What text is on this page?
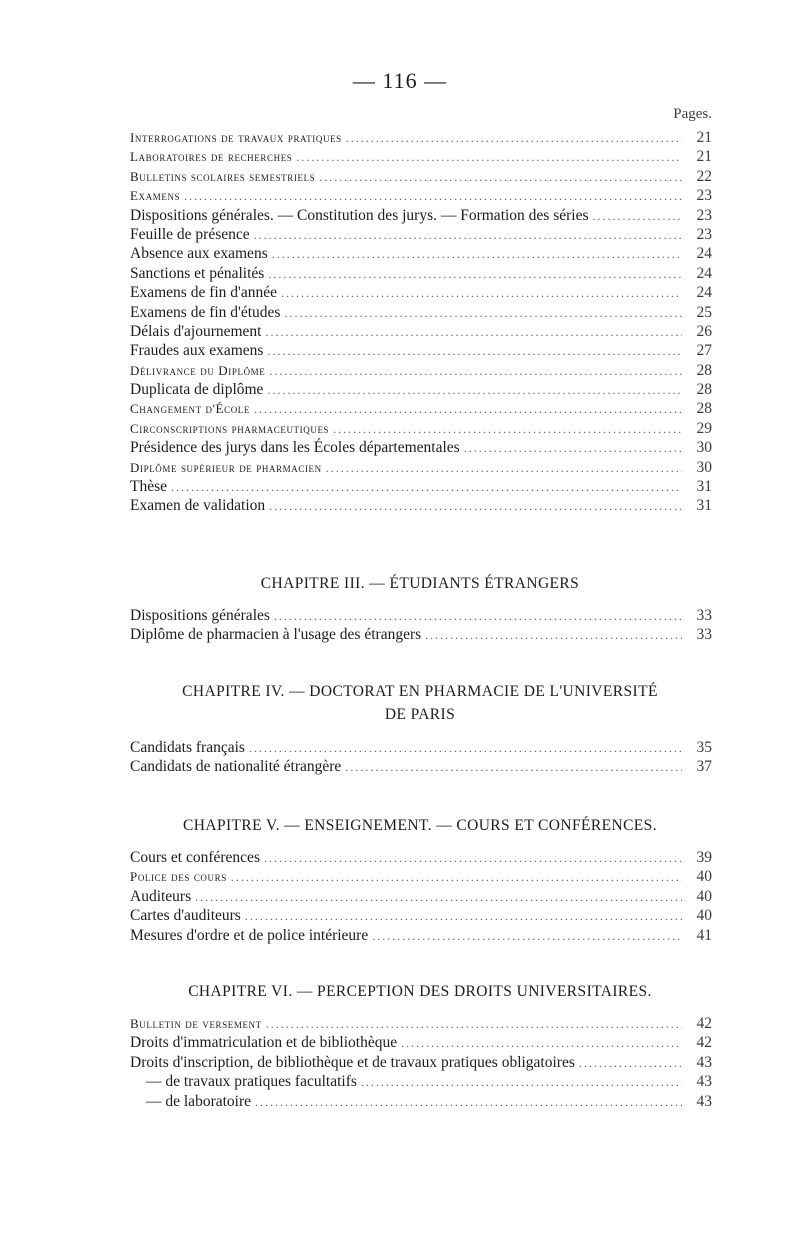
— 116 —
Pages.
Interrogations de travaux pratiques .....	21
Laboratoires de recherches .....	21
Bulletins scolaires semestriels .....	22
Examens .....	23
Dispositions générales. — Constitution des jurys. — Formation des séries .....	23
Feuille de présence .....	23
Absence aux examens .....	24
Sanctions et pénalités .....	24
Examens de fin d'année .....	24
Examens de fin d'études .....	25
Délais d'ajournement .....	26
Fraudes aux examens .....	27
Délivrance du Diplôme .....	28
Duplicata de diplôme .....	28
Changement d'École .....	28
Circonscriptions pharmaceutiques .....	29
Présidence des jurys dans les Écoles départementales .....	30
Diplôme supérieur de pharmacien .....	30
Thèse .....	31
Examen de validation .....	31
CHAPITRE III. — ÉTUDIANTS ÉTRANGERS
Dispositions générales .....	33
Diplôme de pharmacien à l'usage des étrangers .....	33
CHAPITRE IV. — DOCTORAT EN PHARMACIE DE L'UNIVERSITÉ
DE PARIS
Candidats français .....	35
Candidats de nationalité étrangère .....	37
CHAPITRE V. — ENSEIGNEMENT. — COURS ET CONFÉRENCES.
Cours et conférences .....	39
Police des cours .....	40
Auditeurs .....	40
Cartes d'auditeurs .....	40
Mesures d'ordre et de police intérieure .....	41
CHAPITRE VI. — PERCEPTION DES DROITS UNIVERSITAIRES.
Bulletin de versement .....	42
Droits d'immatriculation et de bibliothèque .....	42
Droits d'inscription, de bibliothèque et de travaux pratiques obligatoires .....	43
— de travaux pratiques facultatifs .....	43
— de laboratoire .....	43
